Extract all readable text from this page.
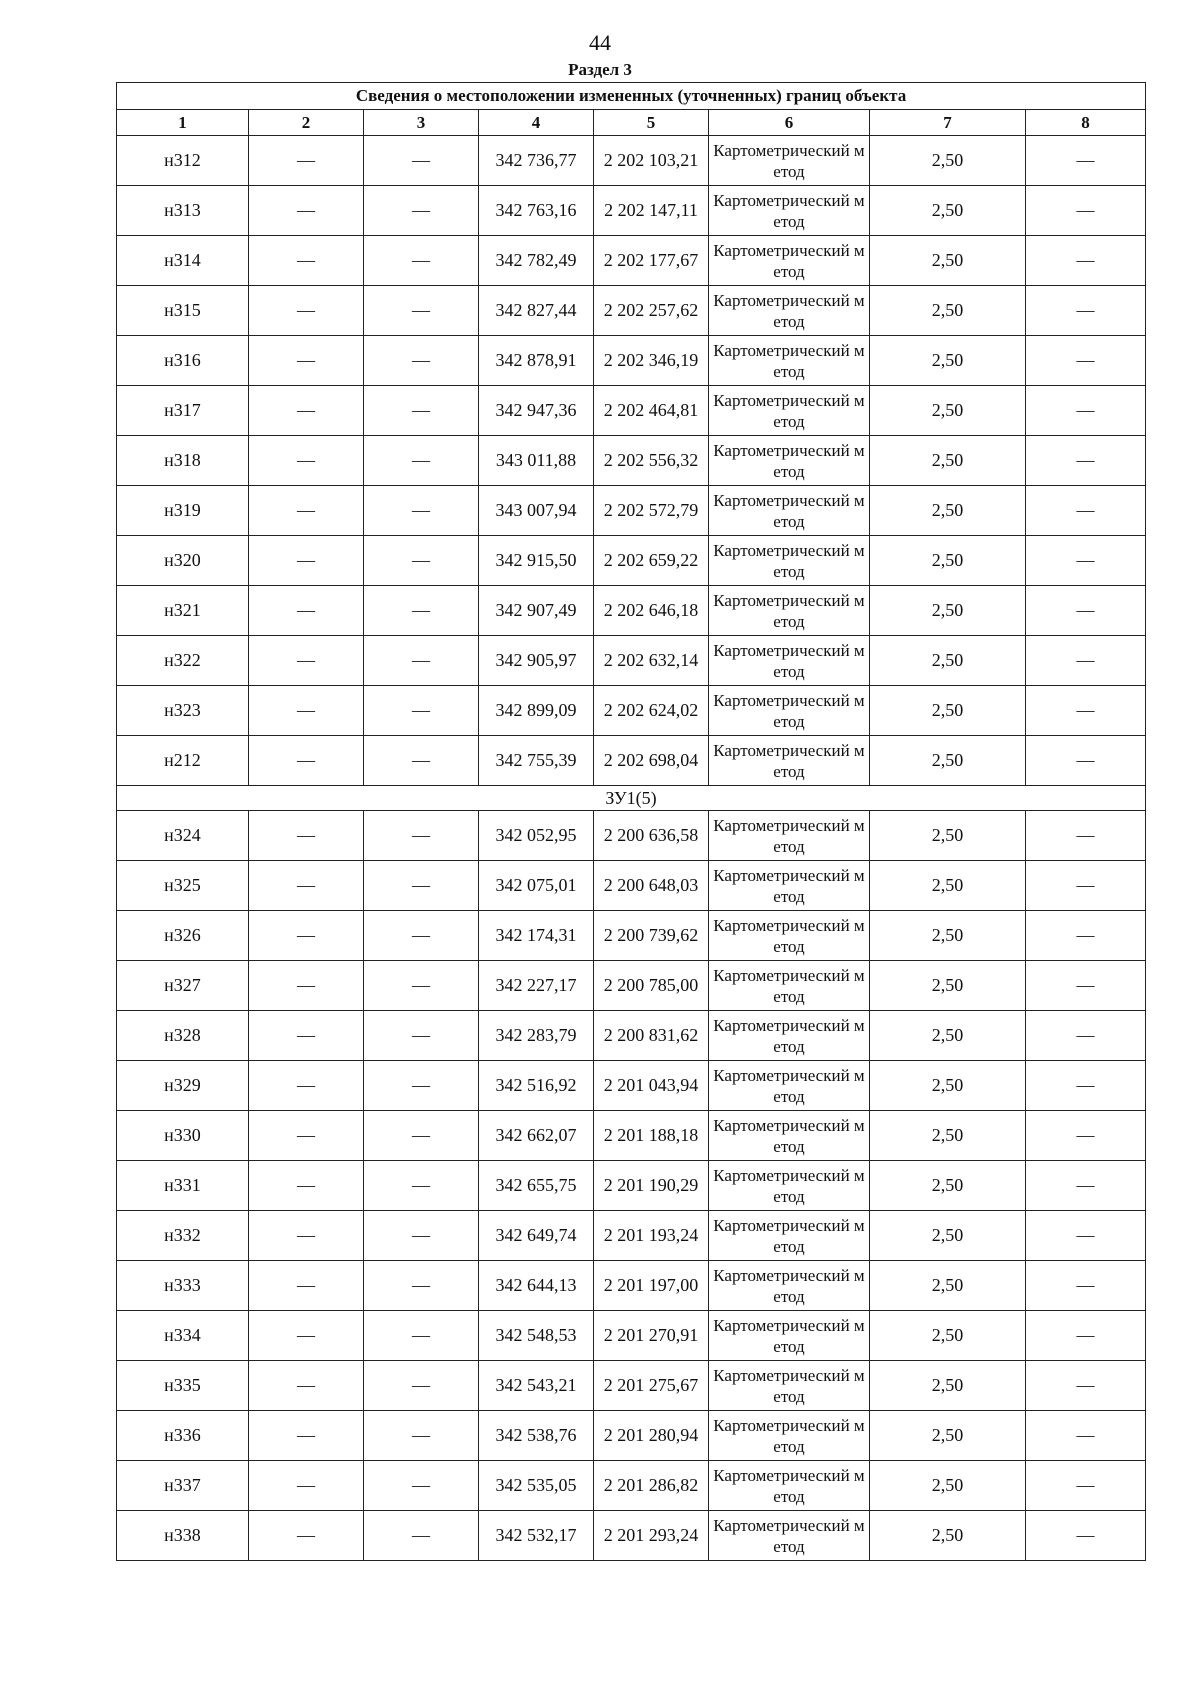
44
Раздел 3
Сведения о местоположении измененных (уточненных) границ объекта							
1	2	3	4	5	6	7	8
н312	—	—	342 736,77	2 202 103,21	Картометрический метод	2,50	—
н313	—	—	342 763,16	2 202 147,11	Картометрический метод	2,50	—
н314	—	—	342 782,49	2 202 177,67	Картометрический метод	2,50	—
н315	—	—	342 827,44	2 202 257,62	Картометрический метод	2,50	—
н316	—	—	342 878,91	2 202 346,19	Картометрический метод	2,50	—
н317	—	—	342 947,36	2 202 464,81	Картометрический метод	2,50	—
н318	—	—	343 011,88	2 202 556,32	Картометрический метод	2,50	—
н319	—	—	343 007,94	2 202 572,79	Картометрический метод	2,50	—
н320	—	—	342 915,50	2 202 659,22	Картометрический метод	2,50	—
н321	—	—	342 907,49	2 202 646,18	Картометрический метод	2,50	—
н322	—	—	342 905,97	2 202 632,14	Картометрический метод	2,50	—
н323	—	—	342 899,09	2 202 624,02	Картометрический метод	2,50	—
н212	—	—	342 755,39	2 202 698,04	Картометрический метод	2,50	—
ЗУ1(5)							
н324	—	—	342 052,95	2 200 636,58	Картометрический метод	2,50	—
н325	—	—	342 075,01	2 200 648,03	Картометрический метод	2,50	—
н326	—	—	342 174,31	2 200 739,62	Картометрический метод	2,50	—
н327	—	—	342 227,17	2 200 785,00	Картометрический метод	2,50	—
н328	—	—	342 283,79	2 200 831,62	Картометрический метод	2,50	—
н329	—	—	342 516,92	2 201 043,94	Картометрический метод	2,50	—
н330	—	—	342 662,07	2 201 188,18	Картометрический метод	2,50	—
н331	—	—	342 655,75	2 201 190,29	Картометрический метод	2,50	—
н332	—	—	342 649,74	2 201 193,24	Картометрический метод	2,50	—
н333	—	—	342 644,13	2 201 197,00	Картометрический метод	2,50	—
н334	—	—	342 548,53	2 201 270,91	Картометрический метод	2,50	—
н335	—	—	342 543,21	2 201 275,67	Картометрический метод	2,50	—
н336	—	—	342 538,76	2 201 280,94	Картометрический метод	2,50	—
н337	—	—	342 535,05	2 201 286,82	Картометрический метод	2,50	—
н338	—	—	342 532,17	2 201 293,24	Картометрический метод	2,50	—
